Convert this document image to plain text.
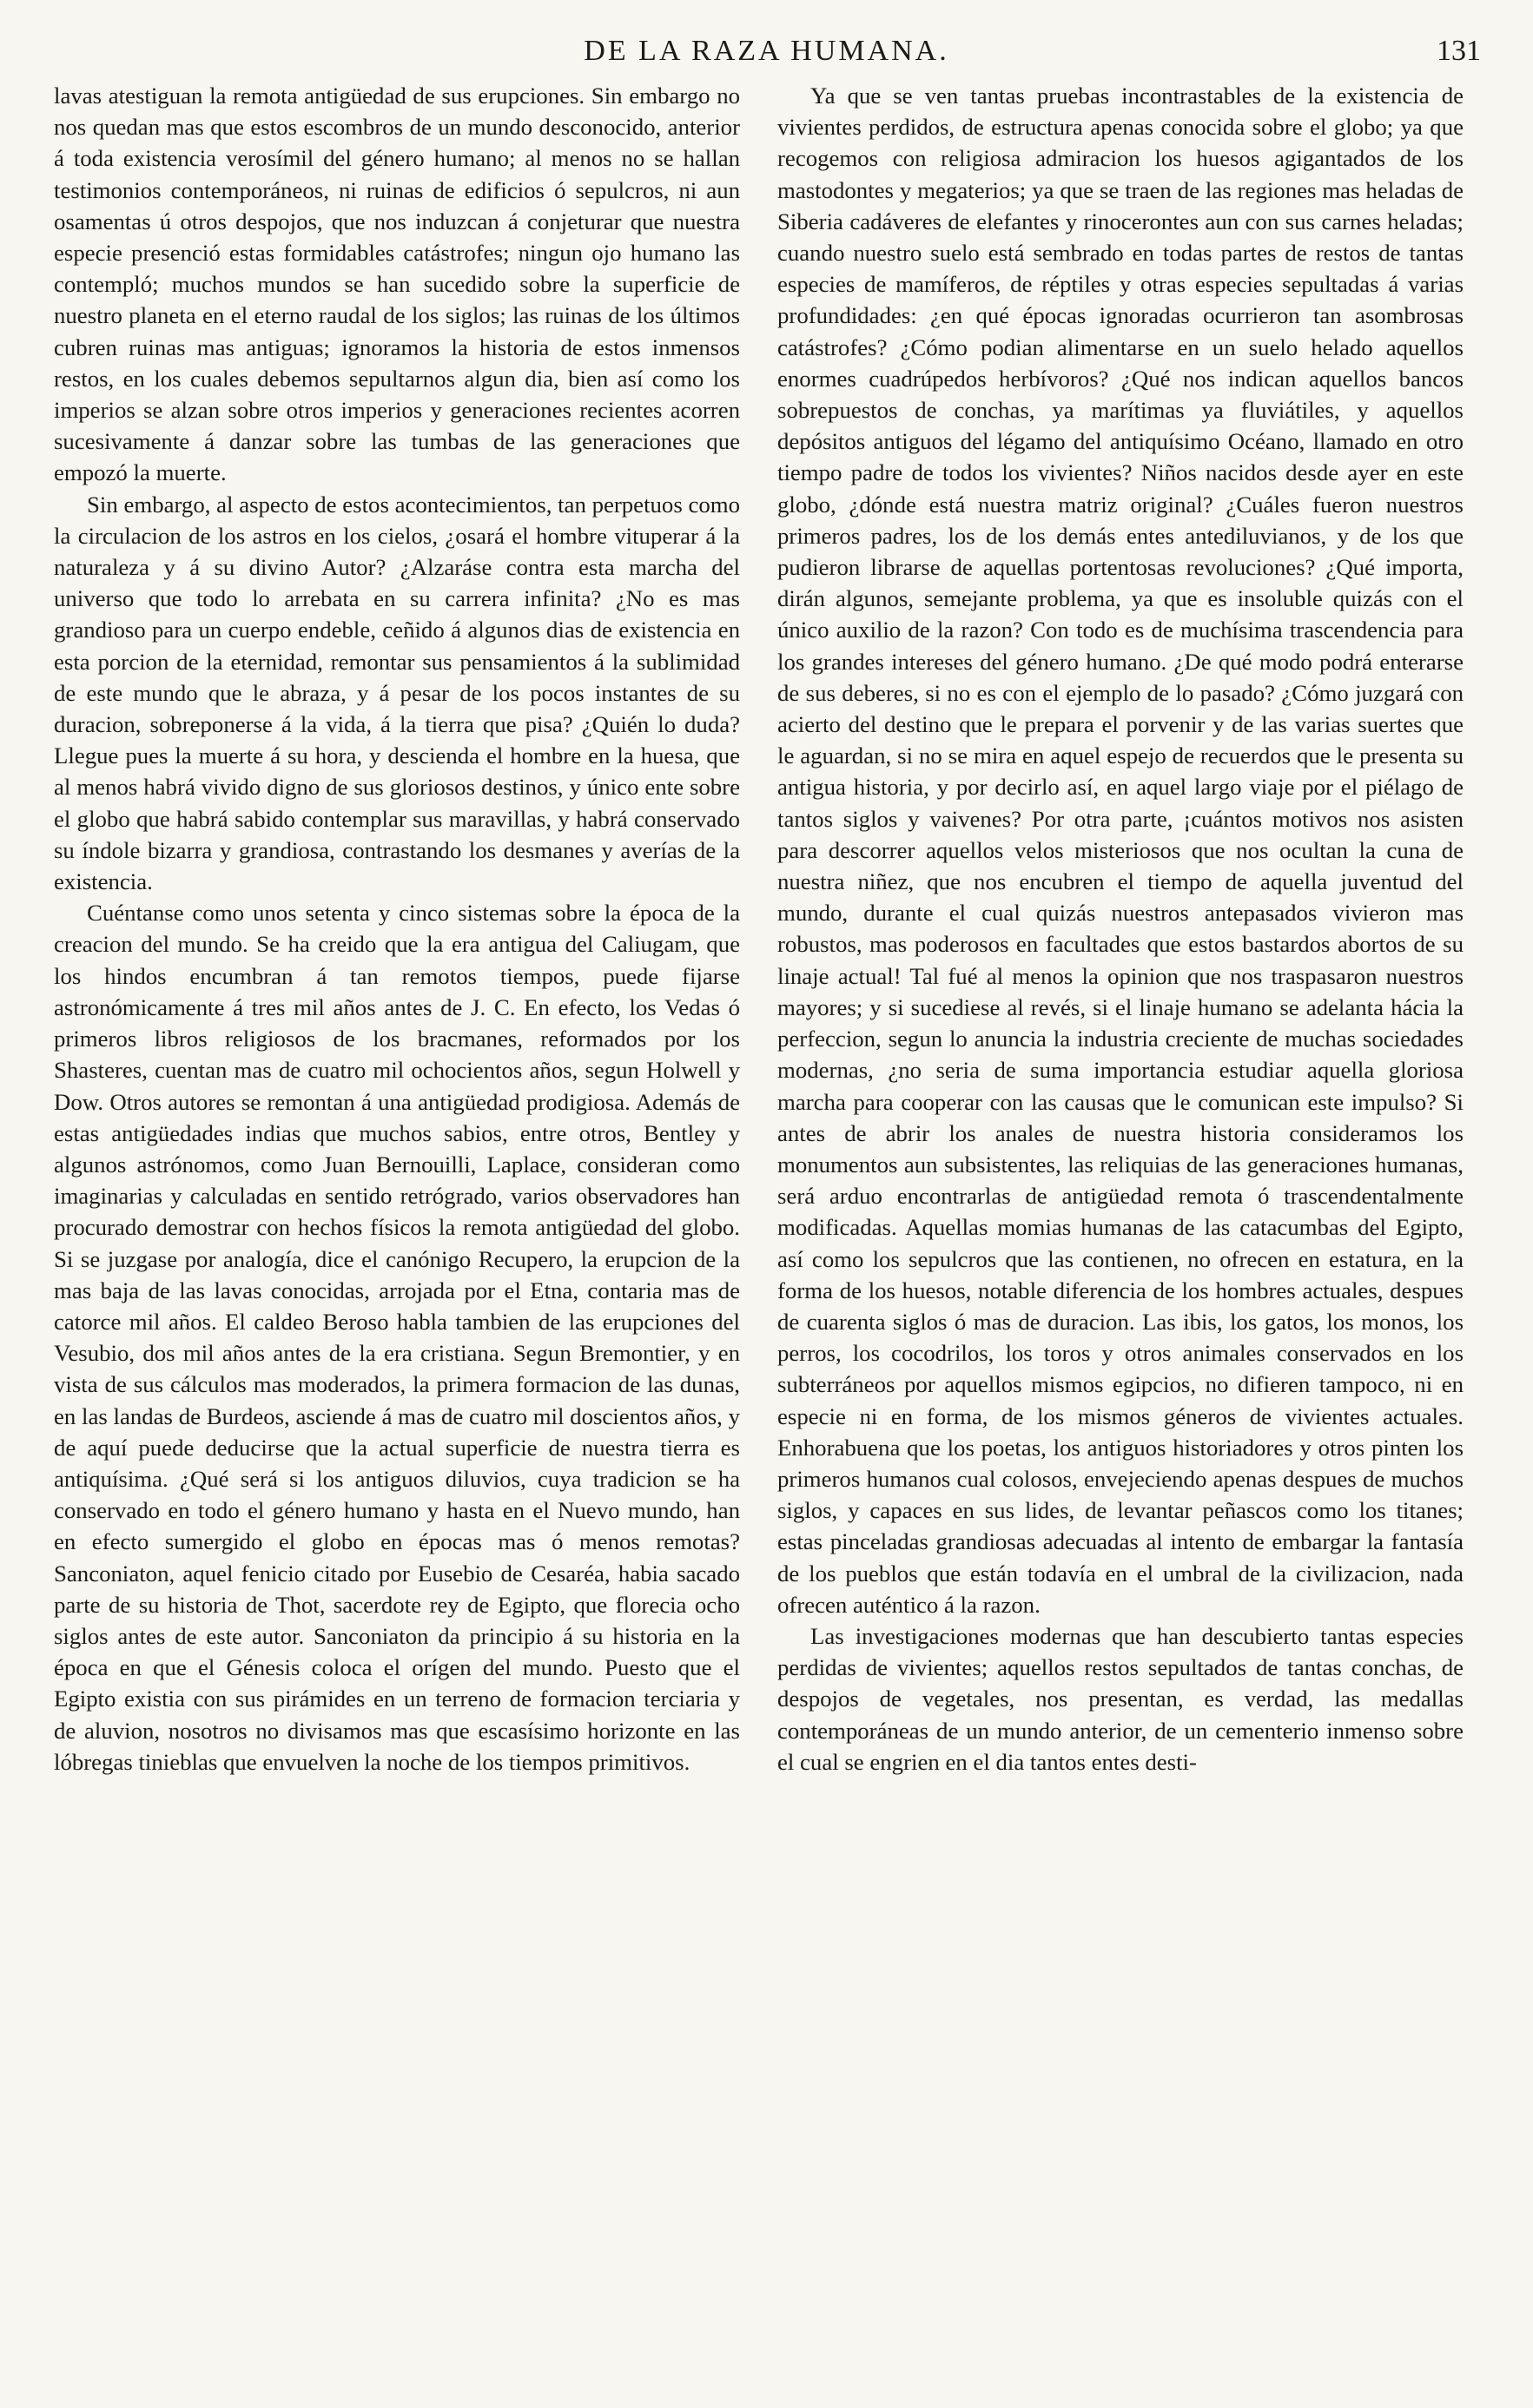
DE LA RAZA HUMANA.	131

lavas atestiguan la remota antigüedad de sus erupciones. Sin embargo no nos quedan mas que estos escombros de un mundo desconocido, anterior á toda existencia verosímil del género humano; al menos no se hallan testimonios contemporáneos, ni ruinas de edificios ó sepulcros, ni aun osamentas ú otros despojos, que nos induzcan á conjeturar que nuestra especie presenció estas formidables catástrofes; ningun ojo humano las contempló; muchos mundos se han sucedido sobre la superficie de nuestro planeta en el eterno raudal de los siglos; las ruinas de los últimos cubren ruinas mas antiguas; ignoramos la historia de estos inmensos restos, en los cuales debemos sepultarnos algun dia, bien así como los imperios se alzan sobre otros imperios y generaciones recientes acorren sucesivamente á danzar sobre las tumbas de las generaciones que empozó la muerte.

Sin embargo, al aspecto de estos acontecimientos, tan perpetuos como la circulacion de los astros en los cielos, ¿osará el hombre vituperar á la naturaleza y á su divino Autor? ¿Alzaráse contra esta marcha del universo que todo lo arrebata en su carrera infinita? ¿No es mas grandioso para un cuerpo endeble, ceñido á algunos dias de existencia en esta porcion de la eternidad, remontar sus pensamientos á la sublimidad de este mundo que le abraza, y á pesar de los pocos instantes de su duracion, sobreponerse á la vida, á la tierra que pisa? ¿Quién lo duda? Llegue pues la muerte á su hora, y descienda el hombre en la huesa, que al menos habrá vivido digno de sus gloriosos destinos, y único ente sobre el globo que habrá sabido contemplar sus maravillas, y habrá conservado su índole bizarra y grandiosa, contrastando los desmanes y averías de la existencia.

Cuéntanse como unos setenta y cinco sistemas sobre la época de la creacion del mundo. Se ha creido que la era antigua del Caliugam, que los hindos encumbran á tan remotos tiempos, puede fijarse astronómicamente á tres mil años antes de J. C. En efecto, los Vedas ó primeros libros religiosos de los bracmanes, reformados por los Shasteres, cuentan mas de cuatro mil ochocientos años, segun Holwell y Dow. Otros autores se remontan á una antigüedad prodigiosa. Además de estas antigüedades indias que muchos sabios, entre otros, Bentley y algunos astrónomos, como Juan Bernouilli, Laplace, consideran como imaginarias y calculadas en sentido retrógrado, varios observadores han procurado demostrar con hechos físicos la remota antigüedad del globo. Si se juzgase por analogía, dice el canónigo Recupero, la erupcion de la mas baja de las lavas conocidas, arrojada por el Etna, contaria mas de catorce mil años. El caldeo Beroso habla tambien de las erupciones del Vesubio, dos mil años antes de la era cristiana. Segun Bremontier, y en vista de sus cálculos mas moderados, la primera formacion de las dunas, en las landas de Burdeos, asciende á mas de cuatro mil doscientos años, y de aquí puede deducirse que la actual superficie de nuestra tierra es antiquísima. ¿Qué será si los antiguos diluvios, cuya tradicion se ha conservado en todo el género humano y hasta en el Nuevo mundo, han en efecto sumergido el globo en épocas mas ó menos remotas? Sanconiaton, aquel fenicio citado por Eusebio de Cesaréa, habia sacado parte de su historia de Thot, sacerdote rey de Egipto, que florecia ocho siglos antes de este autor. Sanconiaton da principio á su historia en la época en que el Génesis coloca el orígen del mundo. Puesto que el Egipto existia con sus pirámides en un terreno de formacion terciaria y de aluvion, nosotros no divisamos mas que escasísimo horizonte en las lóbregas tinieblas que envuelven la noche de los tiempos primitivos.

Ya que se ven tantas pruebas incontrastables de la existencia de vivientes perdidos, de estructura apenas conocida sobre el globo; ya que recogemos con religiosa admiracion los huesos agigantados de los mastodontes y megaterios; ya que se traen de las regiones mas heladas de Siberia cadáveres de elefantes y rinocerontes aun con sus carnes heladas; cuando nuestro suelo está sembrado en todas partes de restos de tantas especies de mamíferos, de réptiles y otras especies sepultadas á varias profundidades: ¿en qué épocas ignoradas ocurrieron tan asombrosas catástrofes? ¿Cómo podian alimentarse en un suelo helado aquellos enormes cuadrúpedos herbívoros? ¿Qué nos indican aquellos bancos sobrepuestos de conchas, ya marítimas ya fluviátiles, y aquellos depósitos antiguos del légamo del antiquísimo Océano, llamado en otro tiempo padre de todos los vivientes? Niños nacidos desde ayer en este globo, ¿dónde está nuestra matriz original? ¿Cuáles fueron nuestros primeros padres, los de los demás entes antediluvianos, y de los que pudieron librarse de aquellas portentosas revoluciones? ¿Qué importa, dirán algunos, semejante problema, ya que es insoluble quizás con el único auxilio de la razon? Con todo es de muchísima trascendencia para los grandes intereses del género humano. ¿De qué modo podrá enterarse de sus deberes, si no es con el ejemplo de lo pasado? ¿Cómo juzgará con acierto del destino que le prepara el porvenir y de las varias suertes que le aguardan, si no se mira en aquel espejo de recuerdos que le presenta su antigua historia, y por decirlo así, en aquel largo viaje por el piélago de tantos siglos y vaivenes? Por otra parte, ¡cuántos motivos nos asisten para descorrer aquellos velos misteriosos que nos ocultan la cuna de nuestra niñez, que nos encubren el tiempo de aquella juventud del mundo, durante el cual quizás nuestros antepasados vivieron mas robustos, mas poderosos en facultades que estos bastardos abortos de su linaje actual! Tal fué al menos la opinion que nos traspasaron nuestros mayores; y si sucediese al revés, si el linaje humano se adelanta hácia la perfeccion, segun lo anuncia la industria creciente de muchas sociedades modernas, ¿no seria de suma importancia estudiar aquella gloriosa marcha para cooperar con las causas que le comunican este impulso? Si antes de abrir los anales de nuestra historia consideramos los monumentos aun subsistentes, las reliquias de las generaciones humanas, será arduo encontrarlas de antigüedad remota ó trascendentalmente modificadas. Aquellas momias humanas de las catacumbas del Egipto, así como los sepulcros que las contienen, no ofrecen en estatura, en la forma de los huesos, notable diferencia de los hombres actuales, despues de cuarenta siglos ó mas de duracion. Las ibis, los gatos, los monos, los perros, los cocodrilos, los toros y otros animales conservados en los subterráneos por aquellos mismos egipcios, no difieren tampoco, ni en especie ni en forma, de los mismos géneros de vivientes actuales. Enhorabuena que los poetas, los antiguos historiadores y otros pinten los primeros humanos cual colosos, envejeciendo apenas despues de muchos siglos, y capaces en sus lides, de levantar peñascos como los titanes; estas pinceladas grandiosas adecuadas al intento de embargar la fantasía de los pueblos que están todavía en el umbral de la civilizacion, nada ofrecen auténtico á la razon.

Las investigaciones modernas que han descubierto tantas especies perdidas de vivientes; aquellos restos sepultados de tantas conchas, de despojos de vegetales, nos presentan, es verdad, las medallas contemporáneas de un mundo anterior, de un cementerio inmenso sobre el cual se engrien en el dia tantos entes desti-
